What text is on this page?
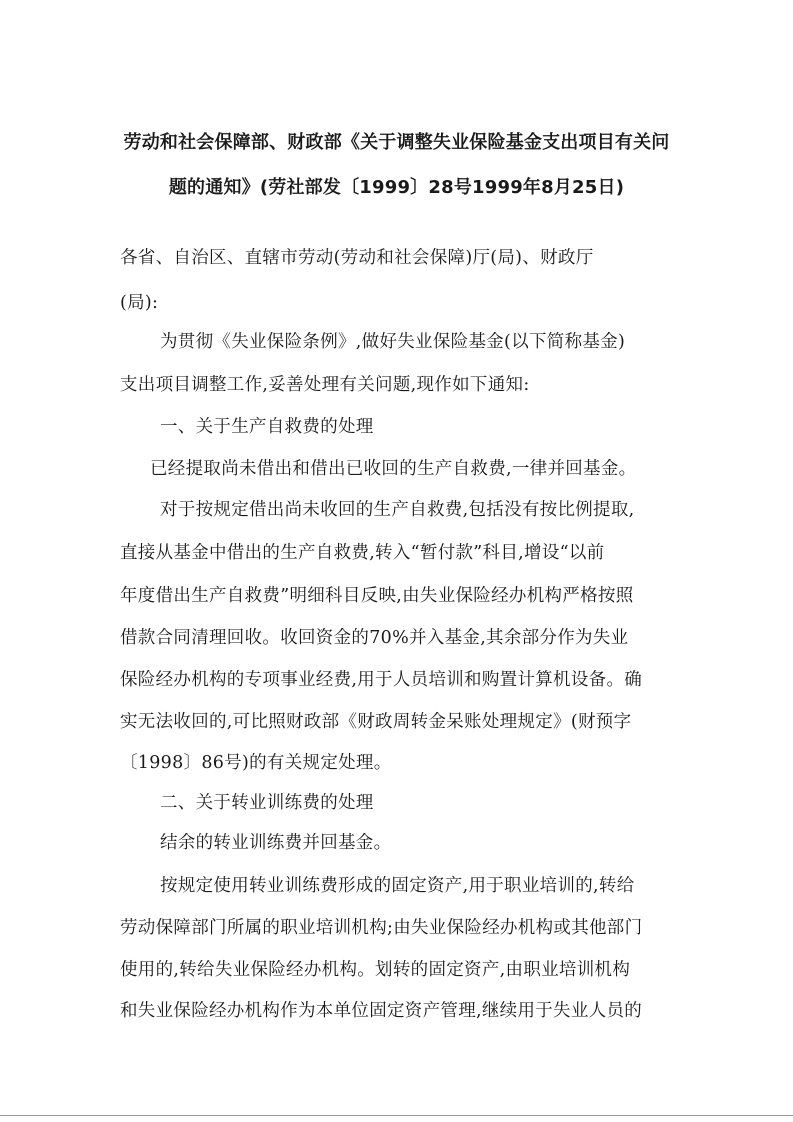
劳动和社会保障部、财政部《关于调整失业保险基金支出项目有关问
题的通知》(劳社部发〔1999〕28号1999年8月25日)
各省、自治区、直辖市劳动(劳动和社会保障)厅(局)、财政厅
(局):
为贯彻《失业保险条例》,做好失业保险基金(以下简称基金)
支出项目调整工作,妥善处理有关问题,现作如下通知:
一、关于生产自救费的处理
已经提取尚未借出和借出已收回的生产自救费,一律并回基金。
对于按规定借出尚未收回的生产自救费,包括没有按比例提取,
直接从基金中借出的生产自救费,转入“暂付款”科目,增设“以前
年度借出生产自救费”明细科目反映,由失业保险经办机构严格按照
借款合同清理回收。收回资金的70%并入基金,其余部分作为失业
保险经办机构的专项事业经费,用于人员培训和购置计算机设备。确
实无法收回的,可比照财政部《财政周转金呆账处理规定》(财预字
〔1998〕86号)的有关规定处理。
二、关于转业训练费的处理
结余的转业训练费并回基金。
按规定使用转业训练费形成的固定资产,用于职业培训的,转给
劳动保障部门所属的职业培训机构;由失业保险经办机构或其他部门
使用的,转给失业保险经办机构。划转的固定资产,由职业培训机构
和失业保险经办机构作为本单位固定资产管理,继续用于失业人员的
